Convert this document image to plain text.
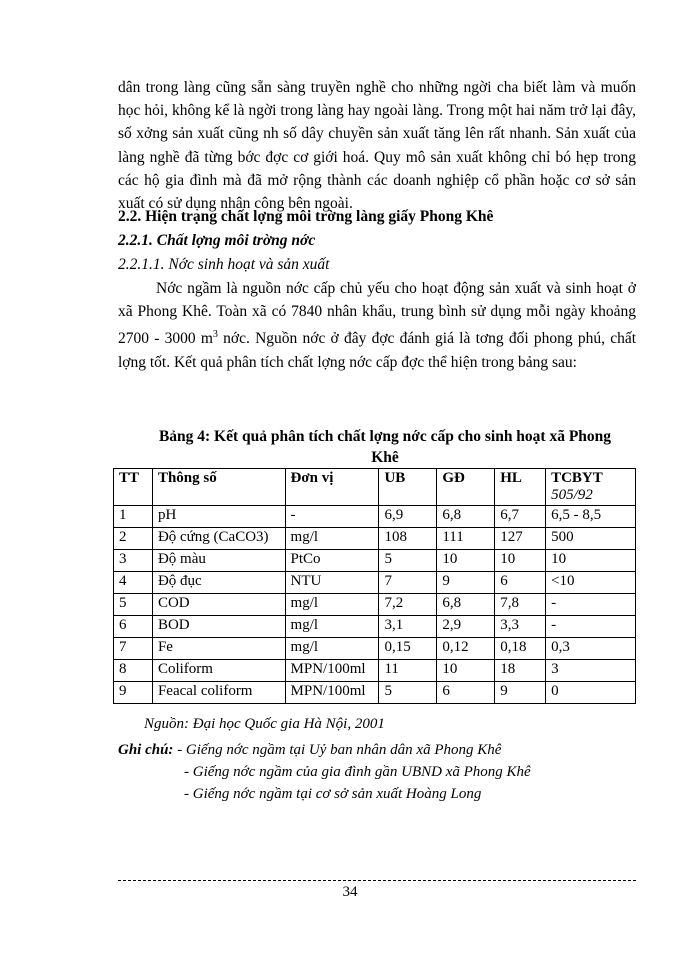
dân trong làng cũng sẵn sàng truyền nghề cho những ngời cha biết làm và muốn học hỏi, không kể là ngời trong làng hay ngoài làng. Trong một hai năm trở lại đây, số xởng sản xuất cũng nh số dây chuyền sản xuất tăng lên rất nhanh. Sản xuất của làng nghề đã từng bớc đợc cơ giới hoá. Quy mô sản xuất không chỉ bó hẹp trong các hộ gia đình mà đã mở rộng thành các doanh nghiệp cổ phần hoặc cơ sở sản xuất có sử dụng nhân công bên ngoài.
2.2. Hiện trạng chất lợng môi trờng làng giấy Phong Khê
2.2.1. Chất lợng môi trờng nớc
2.2.1.1. Nớc sinh hoạt và sản xuất
Nớc ngầm là nguồn nớc cấp chủ yếu cho hoạt động sản xuất và sinh hoạt ở xã Phong Khê. Toàn xã có 7840 nhân khẩu, trung bình sử dụng mỗi ngày khoảng 2700 - 3000 $m^3$ nớc. Nguồn nớc ở đây đợc đánh giá là tơng đối phong phú, chất lợng tốt. Kết quả phân tích chất lợng nớc cấp đợc thể hiện trong bảng sau:
Bảng 4: Kết quả phân tích chất lợng nớc cấp cho sinh hoạt xã Phong Khê
TT	Thông số	Đơn vị	UB	GĐ	HL	TCBYT
505/92

1	pH	-	6,9	6,8	6,7	6,5 - 8,5
2	Độ cứng (CaCO3)	mg/l	108	111	127	500
3	Độ màu	PtCo	5	10	10	10
4	Độ đục	NTU	7	9	6	<10
5	COD	mg/l	7,2	6,8	7,8	-
6	BOD	mg/l	3,1	2,9	3,3	-
7	Fe	mg/l	0,15	0,12	0,18	0,3
8	Coliform	MPN/100ml	11	10	18	3
9	Feacal coliform	MPN/100ml	5	6	9	0
Nguồn: Đại học Quốc gia Hà Nội, 2001
Ghi chú: - Giếng nớc ngầm tại Uỷ ban nhân dân xã Phong Khê
- Giếng nớc ngầm của gia đình gần UBND xã Phong Khê
- Giếng nớc ngầm tại cơ sở sản xuất Hoàng Long
34
